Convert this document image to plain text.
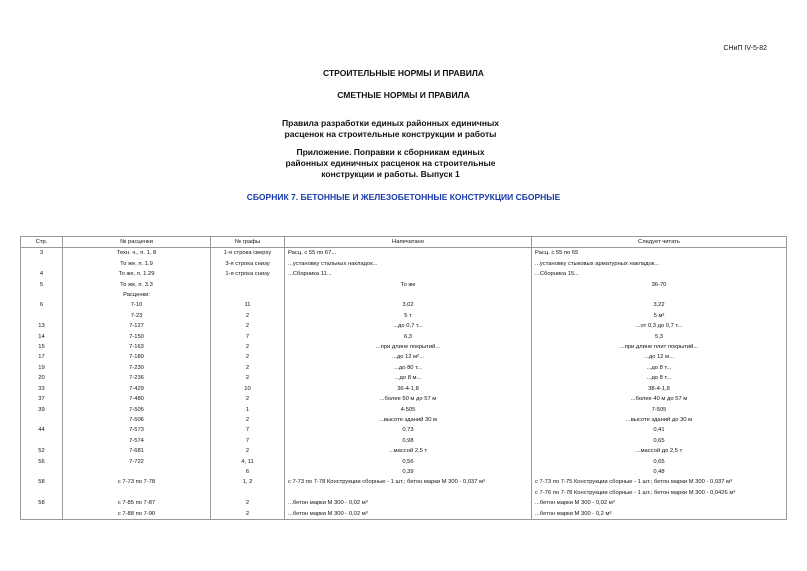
СНиП IV-5-82
СТРОИТЕЛЬНЫЕ НОРМЫ И ПРАВИЛА
СМЕТНЫЕ НОРМЫ И ПРАВИЛА
Правила разработки единых районных единичных
расценок на строительные конструкции и работы
Приложение. Поправки к сборникам единых
районных единичных расценок на строительные
конструкции и работы. Выпуск 1
СБОРНИК 7. БЕТОННЫЕ И ЖЕЛЕЗОБЕТОННЫЕ КОНСТРУКЦИИ СБОРНЫЕ
Стр.	№ расценки	№ графы	Напечатано	Следует читать
3	Техн. ч., п. 1, 8	1-я строка сверху	Расц. с 55 по 67...	Расц. с 55 по 65
	То же, п. 1.9	3-я строка снизу	...установку стальных накладок...	...установку стыковых арматурных накладок...
4	То же, п. 1.29	1-я строка снизу	...Сборника 11...	...Сборника 15...
5	То же, п. 3.3		То же	36-70
	Расценки:			
6	7-10	11	3,02	3,22
	7-23	2	5 т	5 м³
13	7-127	2	...до 0,7 т...	...от 0,3 до 0,7 т...
14	7-150	7	6,3	5,3
15	7-163	2	...при длине покрытий...	...при длине плит покрытий...
17	7-189	2	...до 12 м²...	...до 12 м...
19	7-230	2	...до 80 т...	...до 8 т...
20	7-236	2	...до 8 м...	...до 8 т...
33	7-429	10	36-4-1,8	38-4-1,8
37	7-480	2	...более 50 м до 57 м	...более 40 м до 57 м
39	7-505	1	4-505	7-505
	7-506	2	...высоте зданий 30 м	...высоте зданий до 30 м
44	7-573	7	0,73	0,41
	7-574	7	0,98	0,65
52	7-681	2	...массой 2,5 т	...массой до 2,5 т
56	7-722	4, 11	0,56	0,65
		6	0,39	0,48
58	с 7-73 по 7-78	1, 2	с 7-73 по 7-78 Конструкции сборные - 1 шт.; бетон марки М 300 - 0,037 м³	с 7-73 по 7-75 Конструкции сборные - 1 шт.; бетон марки М 300 - 0,037 м³
				с 7-76 по 7-78 Конструкции сборные - 1 шт.; бетон марки М 300 - 0,0426 м³
58	с 7-85 по 7-87	2	...бетон марки М 300 - 0,02 м³	...бетон марки М 300 - 0,02 м³
	с 7-88 по 7-90	2	...бетон марки М 300 - 0,02 м³	...бетон марки М 300 - 0,2 м³
